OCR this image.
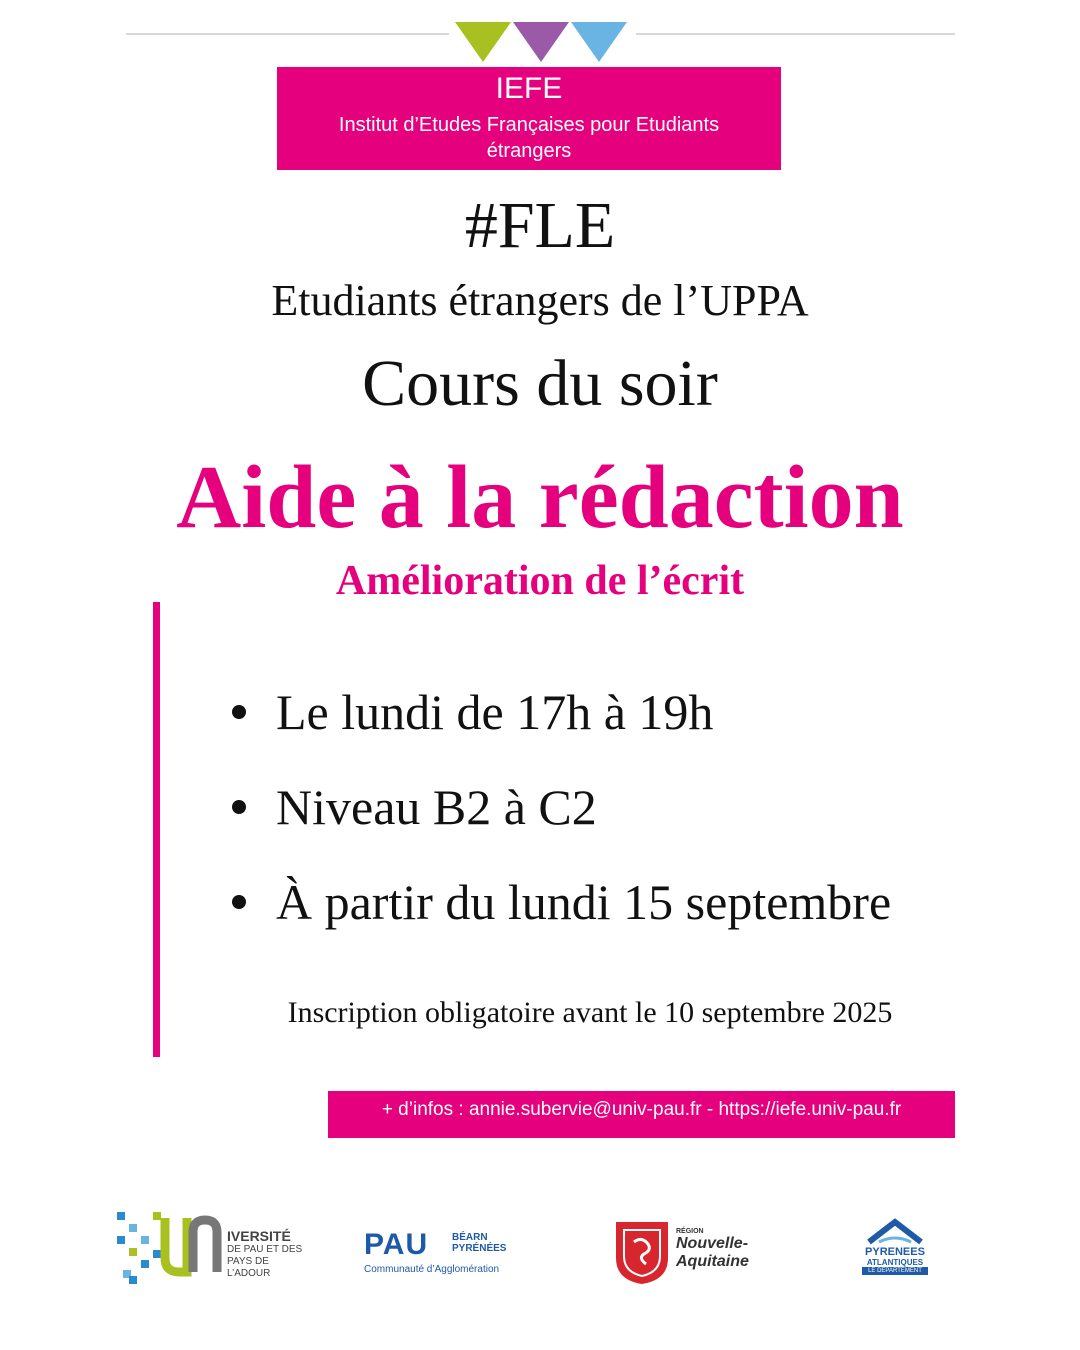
IEFE
Institut d’Etudes Françaises pour Etudiants étrangers
#FLE
Etudiants étrangers de l’UPPA
Cours du soir
Aide à la rédaction
Amélioration de l’écrit
Le lundi de 17h à 19h
Niveau B2 à C2
À partir du lundi 15 septembre
Inscription obligatoire avant le 10 septembre 2025
+ d’infos : annie.subervie@univ-pau.fr - https://iefe.univ-pau.fr
IVERSITÉ
DE PAU ET DES
PAYS DE L’ADOUR
PAU BÉARN
PYRÉNÉES
Communauté d’Agglomération
RÉGION
Nouvelle-
Aquitaine
PYRENEES
ATLANTIQUES
LE DÉPARTEMENT
